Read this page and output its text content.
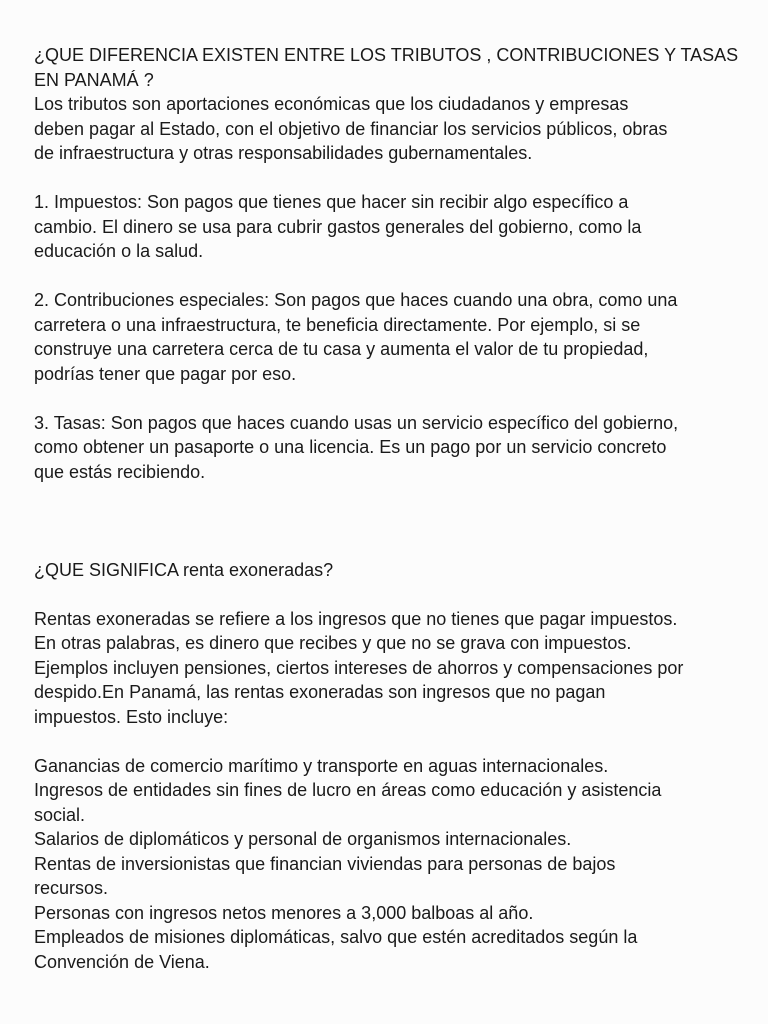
¿QUE DIFERENCIA EXISTEN ENTRE LOS TRIBUTOS , CONTRIBUCIONES Y TASAS
EN PANAMÁ ?

Los tributos son aportaciones económicas que los ciudadanos y empresas
deben pagar al Estado, con el objetivo de financiar los servicios públicos, obras
de infraestructura y otras responsabilidades gubernamentales.

1. Impuestos: Son pagos que tienes que hacer sin recibir algo específico a
cambio. El dinero se usa para cubrir gastos generales del gobierno, como la
educación o la salud.

2. Contribuciones especiales: Son pagos que haces cuando una obra, como una
carretera o una infraestructura, te beneficia directamente. Por ejemplo, si se
construye una carretera cerca de tu casa y aumenta el valor de tu propiedad,
podrías tener que pagar por eso.

3. Tasas: Son pagos que haces cuando usas un servicio específico del gobierno,
como obtener un pasaporte o una licencia. Es un pago por un servicio concreto
que estás recibiendo.

¿QUE SIGNIFICA renta exoneradas?

Rentas exoneradas se refiere a los ingresos que no tienes que pagar impuestos.
En otras palabras, es dinero que recibes y que no se grava con impuestos.
Ejemplos incluyen pensiones, ciertos intereses de ahorros y compensaciones por
despido.En Panamá, las rentas exoneradas son ingresos que no pagan
impuestos. Esto incluye:

Ganancias de comercio marítimo y transporte en aguas internacionales.
Ingresos de entidades sin fines de lucro en áreas como educación y asistencia
social.
Salarios de diplomáticos y personal de organismos internacionales.
Rentas de inversionistas que financian viviendas para personas de bajos
recursos.
Personas con ingresos netos menores a 3,000 balboas al año.
Empleados de misiones diplomáticas, salvo que estén acreditados según la
Convención de Viena.
